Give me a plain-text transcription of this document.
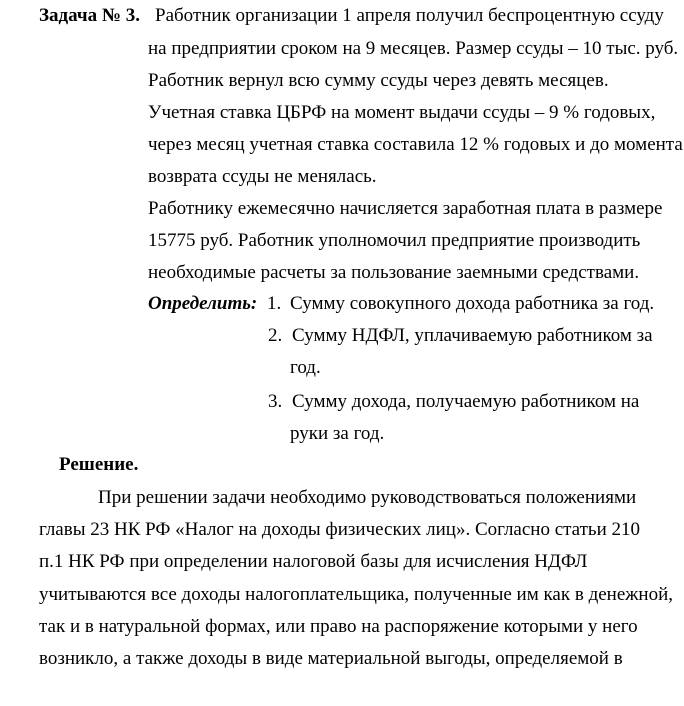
Задача № 3. Работник организации 1 апреля получил беспроцентную ссуду
на предприятии сроком на 9 месяцев. Размер ссуды – 10 тыс. руб.
Работник вернул всю сумму ссуды через девять месяцев.
Учетная ставка ЦБРФ на момент выдачи ссуды – 9 % годовых,
через месяц учетная ставка составила 12 % годовых и до момента
возврата ссуды не менялась.
Работнику ежемесячно начисляется заработная плата в размере
15775 руб. Работник уполномочил предприятие производить
необходимые расчеты за пользование заемными средствами.
Определить: 1. Сумму совокупного дохода работника за год.
2. Сумму НДФЛ, уплачиваемую работником за
год.
3. Сумму дохода, получаемую работником на
руки за год.
Решение.
При решении задачи необходимо руководствоваться положениями
главы 23 НК РФ «Налог на доходы физических лиц». Согласно статьи 210
п.1 НК РФ при определении налоговой базы для исчисления НДФЛ
учитываются все доходы налогоплательщика, полученные им как в денежной,
так и в натуральной формах, или право на распоряжение которыми у него
возникло, а также доходы в виде материальной выгоды, определяемой в
